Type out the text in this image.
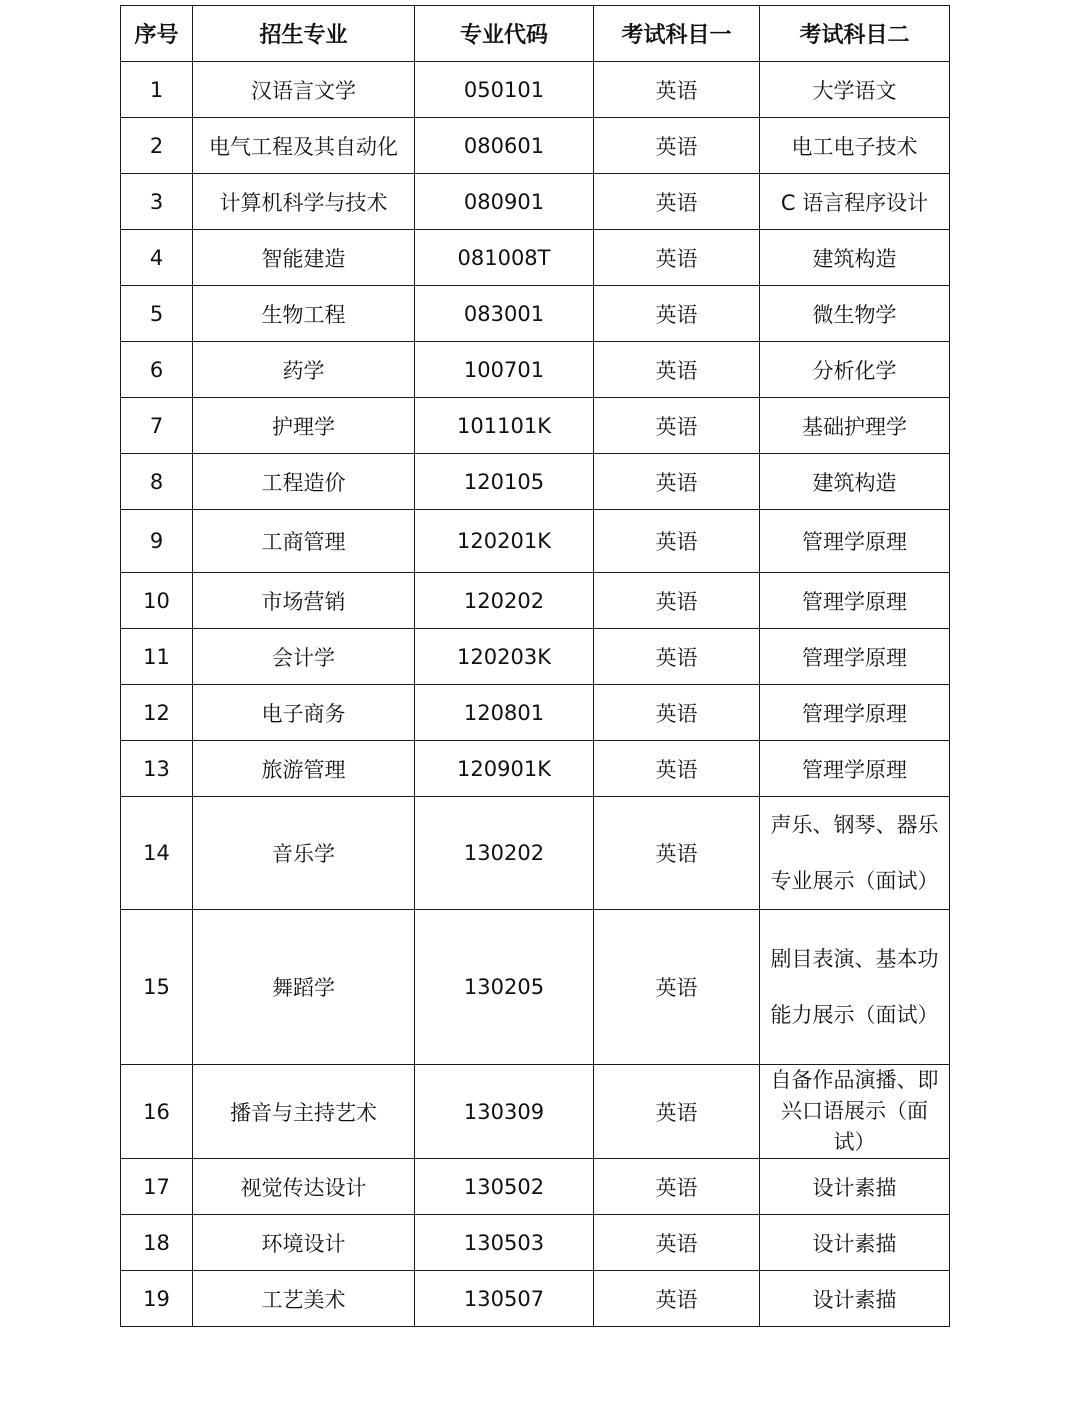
序号	招生专业	专业代码	考试科目一	考试科目二
1	汉语言文学	050101	英语	大学语文
2	电气工程及其自动化	080601	英语	电工电子技术
3	计算机科学与技术	080901	英语	C 语言程序设计
4	智能建造	081008T	英语	建筑构造
5	生物工程	083001	英语	微生物学
6	药学	100701	英语	分析化学
7	护理学	101101K	英语	基础护理学
8	工程造价	120105	英语	建筑构造
9	工商管理	120201K	英语	管理学原理
10	市场营销	120202	英语	管理学原理
11	会计学	120203K	英语	管理学原理
12	电子商务	120801	英语	管理学原理
13	旅游管理	120901K	英语	管理学原理
14	音乐学	130202	英语	声乐、钢琴、器乐
专业展示（面试）

15	舞蹈学	130205	英语	剧目表演、基本功
能力展示（面试）

16	播音与主持艺术	130309	英语	自备作品演播、即
兴口语展示（面
试）

17	视觉传达设计	130502	英语	设计素描
18	环境设计	130503	英语	设计素描
19	工艺美术	130507	英语	设计素描
